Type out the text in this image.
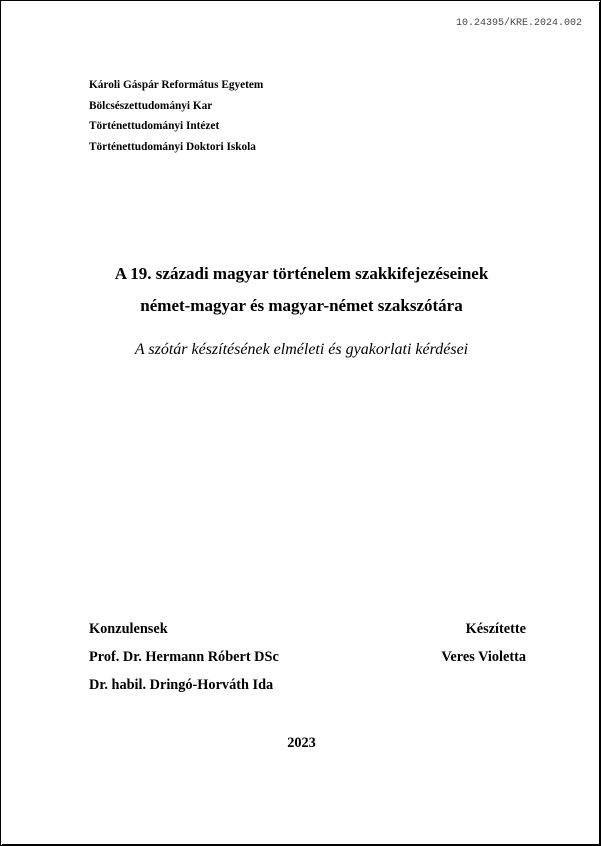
10.24395/KRE.2024.002
Károli Gáspár Református Egyetem
Bölcsészettudományi Kar
Történettudományi Intézet
Történettudományi Doktori Iskola
A 19. századi magyar történelem szakkifejezéseinek
német-magyar és magyar-német szakszótára
A szótár készítésének elméleti és gyakorlati kérdései
Konzulensek
Prof. Dr. Hermann Róbert DSc
Dr. habil. Dringó-Horváth Ida
Készítette
Veres Violetta
2023
